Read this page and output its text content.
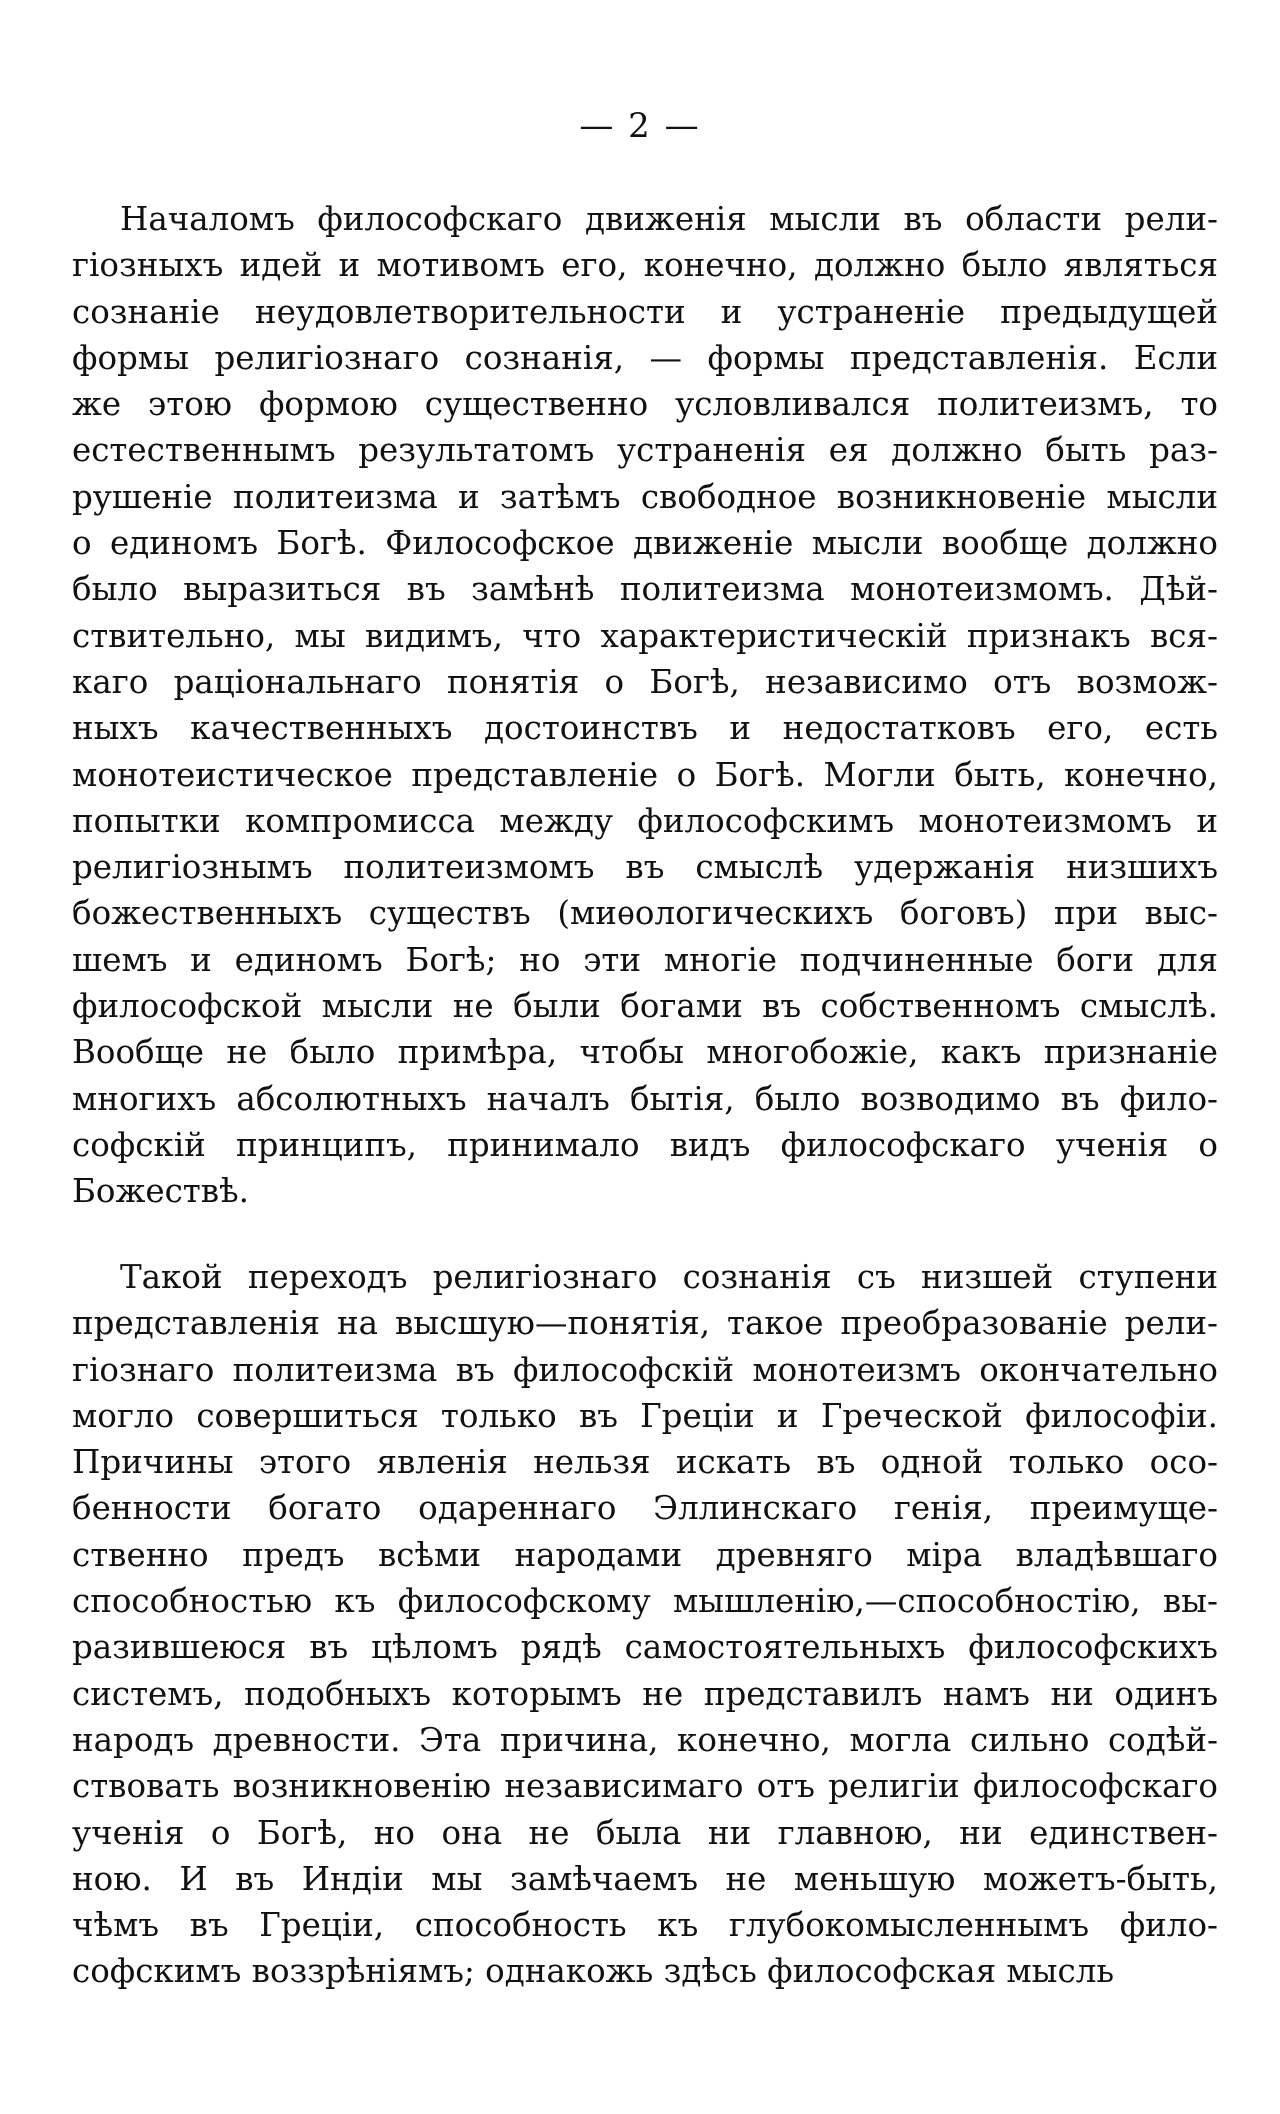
— 2 —
Началомъ философскаго движенія мысли въ области рели-
гіозныхъ идей и мотивомъ его, конечно, должно было являться
сознаніе неудовлетворительности и устраненіе предыдущей
формы религіознаго сознанія, — формы представленія. Если
же этою формою существенно условливался политеизмъ, то
естественнымъ результатомъ устраненія ея должно быть раз-
рушеніе политеизма и затѣмъ свободное возникновеніе мысли
о единомъ Богѣ. Философское движеніе мысли вообще должно
было выразиться въ замѣнѣ политеизма монотеизмомъ. Дѣй-
ствительно, мы видимъ, что характеристическій признакъ вся-
каго раціональнаго понятія о Богѣ, независимо отъ возмож-
ныхъ качественныхъ достоинствъ и недостатковъ его, есть
монотеистическое представленіе о Богѣ. Могли быть, конечно,
попытки компромисса между философскимъ монотеизмомъ и
религіознымъ политеизмомъ въ смыслѣ удержанія низшихъ
божественныхъ существъ (миѳологическихъ боговъ) при выс-
шемъ и единомъ Богѣ; но эти многіе подчиненные боги для
философской мысли не были богами въ собственномъ смыслѣ.
Вообще не было примѣра, чтобы многобожіе, какъ признаніе
многихъ абсолютныхъ началъ бытія, было возводимо въ фило-
софскій принципъ, принимало видъ философскаго ученія о
Божествѣ.
Такой переходъ религіознаго сознанія съ низшей ступени
представленія на высшую—понятія, такое преобразованіе рели-
гіознаго политеизма въ философскій монотеизмъ окончательно
могло совершиться только въ Греціи и Греческой философіи.
Причины этого явленія нельзя искать въ одной только осо-
бенности богато одареннаго Эллинскаго генія, преимуще-
ственно предъ всѣми народами древняго міра владѣвшаго
способностью къ философскому мышленію,—способностію, вы-
разившеюся въ цѣломъ рядѣ самостоятельныхъ философскихъ
системъ, подобныхъ которымъ не представилъ намъ ни одинъ
народъ древности. Эта причина, конечно, могла сильно содѣй-
ствовать возникновенію независимаго отъ религіи философскаго
ученія о Богѣ, но она не была ни главною, ни единствен-
ною. И въ Индіи мы замѣчаемъ не меньшую можетъ-быть,
чѣмъ въ Греціи, способность къ глубокомысленнымъ фило-
софскимъ воззрѣніямъ; однакожь здѣсь философская мысль
